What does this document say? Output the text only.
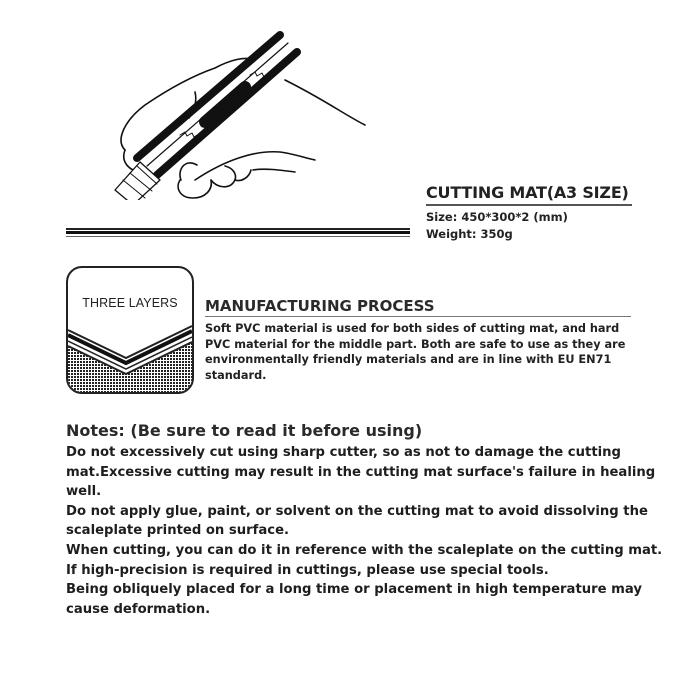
CUTTING MAT(A3 SIZE)
Size: 450*300*2 (mm)
Weight: 350g
THREE LAYERS	MANUFACTURING PROCESS
Soft PVC material is used for both sides of cutting mat, and hard PVC material for the middle part. Both are safe to use as they are environmentally friendly materials and are in line with EU EN71 standard.
Notes: (Be sure to read it before using)

Do not excessively cut using sharp cutter, so as not to damage the cutting mat.Excessive cutting may result in the cutting mat surface's failure in healing well.

Do not apply glue, paint, or solvent on the cutting mat to avoid dissolving the scaleplate printed on surface.

When cutting, you can do it in reference with the scaleplate on the cutting mat.

If high-precision is required in cuttings, please use special tools.

Being obliquely placed for a long time or placement in high temperature may cause deformation.
